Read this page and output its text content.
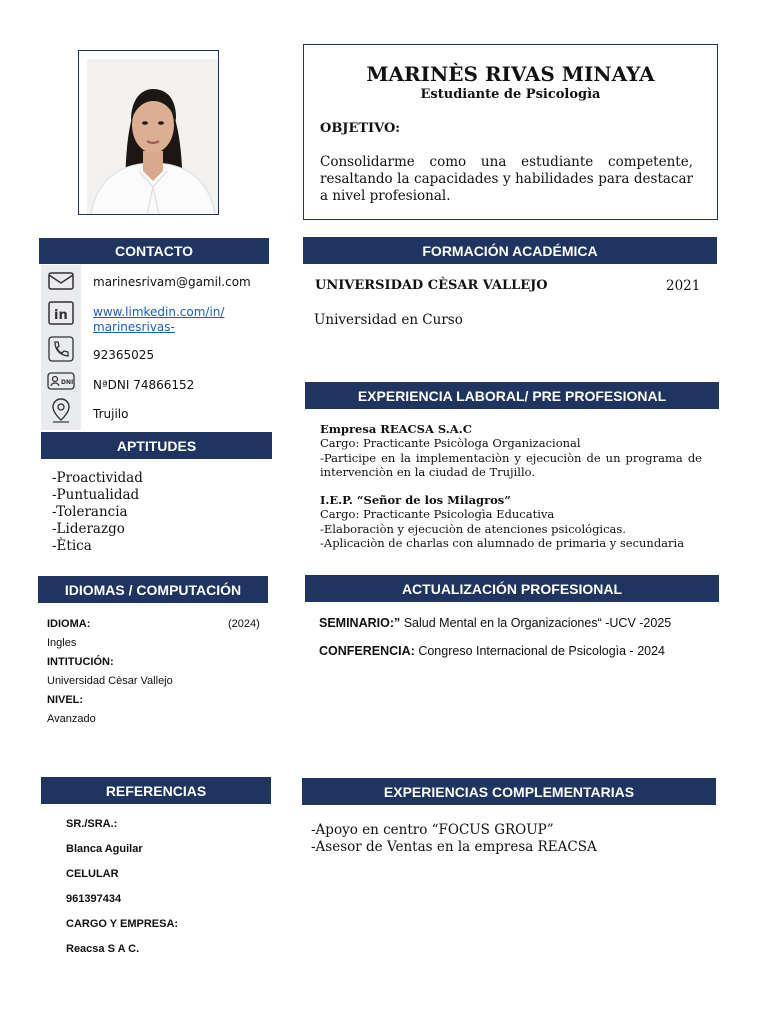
MARINÈS RIVAS MINAYA
Estudiante de Psicologìa
OBJETIVO:
Consolidarme como una estudiante competente, resaltando la capacidades y habilidades para destacar a nivel profesional.
CONTACTO
marinesrivam@gamil.com
in www.limkedin.com/in/
marinesrivas-
92365025
DNI NªDNI 74866152
Trujilo
APTITUDES
-Proactividad
-Puntualidad
-Tolerancia
-Liderazgo
-Ètica
IDIOMAS / COMPUTACIÓN
IDIOMA:	(2024)
Ingles
INTITUCIÓN:
Universidad Cèsar Vallejo
NIVEL:
Avanzado
REFERENCIAS
SR./SRA.:
Blanca Aguilar
CELULAR
961397434
CARGO Y EMPRESA:
Reacsa S A C.
FORMACIÓN ACADÉMICA
UNIVERSIDAD CÈSAR VALLEJO	2021
Universidad en Curso
EXPERIENCIA LABORAL/ PRE PROFESIONAL
Empresa REACSA S.A.C
Cargo: Practicante Psicòloga Organizacional
-Participe en la implementaciòn y ejecuciòn de un programa de intervenciòn en la ciudad de Trujillo.
I.E.P. “Señor de los Milagros”
Cargo: Practicante Psicologìa Educativa
-Elaboraciòn y ejecuciòn de atenciones psicológicas.
-Aplicaciòn de charlas con alumnado de primaria y secundaria
ACTUALIZACIÓN PROFESIONAL
SEMINARIO:” Salud Mental en la Organizaciones“ -UCV -2025
CONFERENCIA: Congreso Internacional de Psicologìa - 2024
EXPERIENCIAS COMPLEMENTARIAS
-Apoyo en centro “FOCUS GROUP”
-Asesor de Ventas en la empresa REACSA
